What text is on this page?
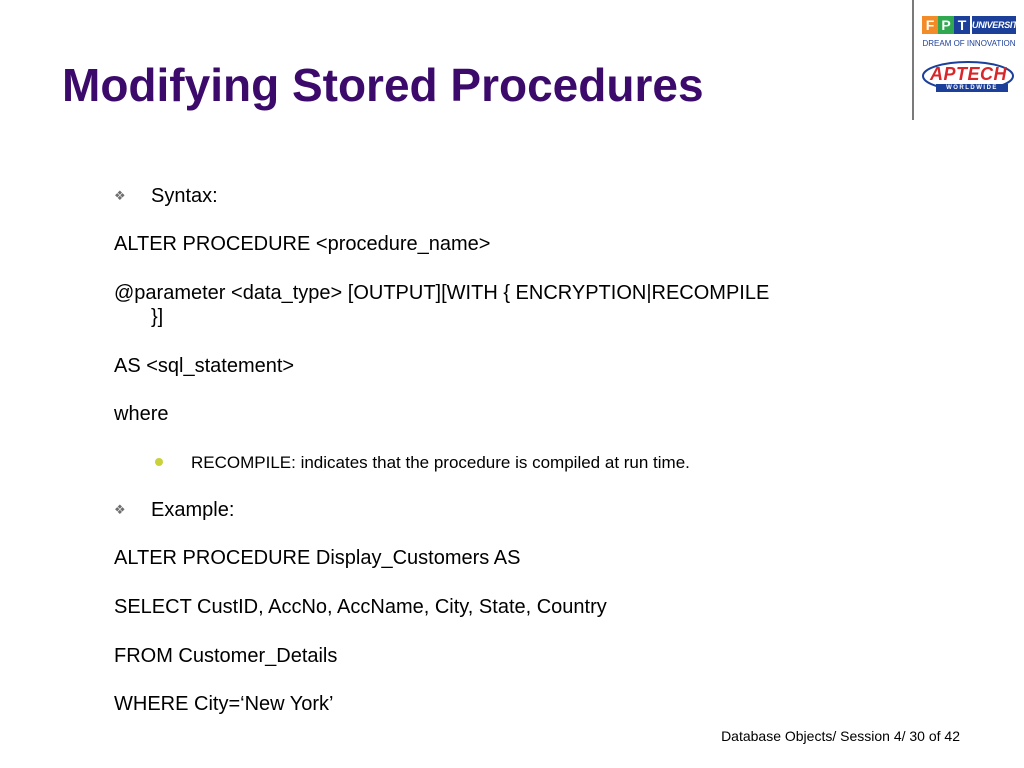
Modifying Stored Procedures
F P T UNIVERSITY
DREAM OF INNOVATION
APTECH
WORLDWIDE
❖ Syntax:
ALTER PROCEDURE <procedure_name>
@parameter <data_type> [OUTPUT][WITH { ENCRYPTION|RECOMPILE
}]
AS <sql_statement>
where
RECOMPILE: indicates that the procedure is compiled at run time.
❖ Example:
ALTER PROCEDURE Display_Customers AS
SELECT CustID, AccNo, AccName, City, State, Country
FROM Customer_Details
WHERE City=‘New York’
Database Objects/ Session 4/ 30 of 42
